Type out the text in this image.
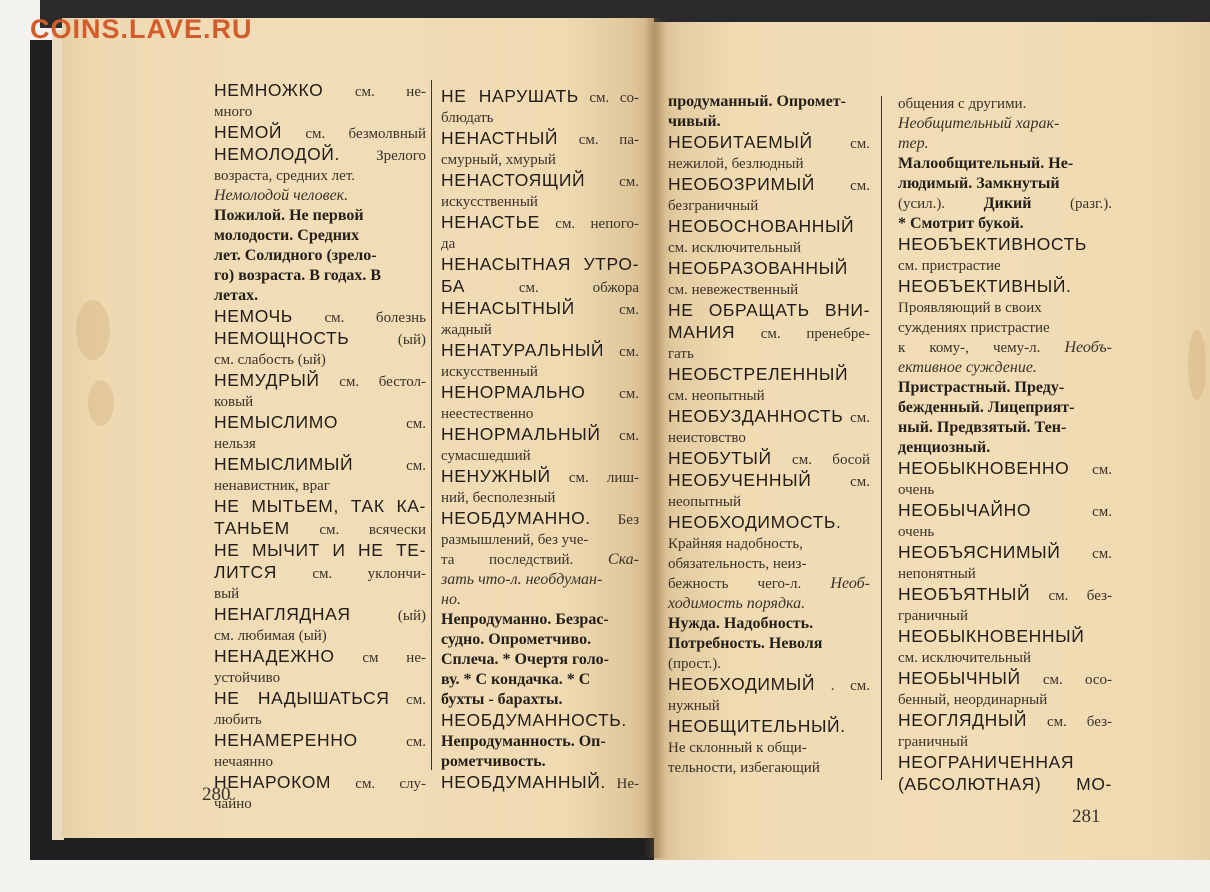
COINS.LAVE.RU
НЕМНОЖКО см. не-
много
НЕМОЙ см. безмолвный
НЕМОЛОДОЙ. Зрелого
возраста, средних лет.
Немолодой человек.
Пожилой. Не первой
молодости. Средних
лет. Солидного (зрело-
го) возраста. В годах. В
летах.
НЕМОЧЬ см. болезнь
НЕМОЩНОСТЬ (ый)
см. слабость (ый)
НЕМУДРЫЙ см. бестол-
ковый
НЕМЫСЛИМО см.
нельзя
НЕМЫСЛИМЫЙ см.
ненавистник, враг
НЕ МЫТЬЕМ, ТАК КА-
ТАНЬЕМ см. всячески
НЕ МЫЧИТ И НЕ ТЕ-
ЛИТСЯ см. уклончи-
вый
НЕНАГЛЯДНАЯ (ый)
см. любимая (ый)
НЕНАДЕЖНО см не-
устойчиво
НЕ НАДЫШАТЬСЯ см.
любить
НЕНАМЕРЕННО см.
нечаянно
НЕНАРОКОМ см. слу-
чайно
НЕ НАРУШАТЬ см. со-
блюдать
НЕНАСТНЫЙ см. па-
смурный, хмурый
НЕНАСТОЯЩИЙ см.
искусственный
НЕНАСТЬЕ см. непого-
да
НЕНАСЫТНАЯ УТРО-
БА см. обжора
НЕНАСЫТНЫЙ см.
жадный
НЕНАТУРАЛЬНЫЙ см.
искусственный
НЕНОРМАЛЬНО см.
неестественно
НЕНОРМАЛЬНЫЙ см.
сумасшедший
НЕНУЖНЫЙ см. лиш-
ний, бесполезный
НЕОБДУМАННО. Без
размышлений, без уче-
та последствий. Ска-
зать что-л. необдуман-
но.
Непродуманно. Безрас-
судно. Опрометчиво.
Сплеча. * Очертя голо-
ву. * С кондачка. * С
бухты - барахты.
НЕОБДУМАННОСТЬ.
Непродуманность. Оп-
рометчивость.
НЕОБДУМАННЫЙ. Не-
280
продуманный. Опромет-
чивый.
НЕОБИТАЕМЫЙ см.
нежилой, безлюдный
НЕОБОЗРИМЫЙ см.
безграничный
НЕОБОСНОВАННЫЙ
см. исключительный
НЕОБРАЗОВАННЫЙ
см. невежественный
НЕ ОБРАЩАТЬ ВНИ-
МАНИЯ см. пренебре-
гать
НЕОБСТРЕЛЕННЫЙ
см. неопытный
НЕОБУЗДАННОСТЬ см.
неистовство
НЕОБУТЫЙ см. босой
НЕОБУЧЕННЫЙ см.
неопытный
НЕОБХОДИМОСТЬ.
Крайняя надобность,
обязательность, неиз-
бежность чего-л. Необ-
ходимость порядка.
Нужда. Надобность.
Потребность. Неволя
(прост.).
НЕОБХОДИМЫЙ . см.
нужный
НЕОБЩИТЕЛЬНЫЙ.
Не склонный к общи-
тельности, избегающий
общения с другими.
Необщительный харак-
тер.
Малообщительный. Не-
людимый. Замкнутый
(усил.). Дикий (разг.).
* Смотрит букой.
НЕОБЪЕКТИВНОСТЬ
см. пристрастие
НЕОБЪЕКТИВНЫЙ.
Проявляющий в своих
суждениях пристрастие
к кому-, чему-л. Необъ-
ективное суждение.
Пристрастный. Преду-
бежденный. Лицеприят-
ный. Предвзятый. Тен-
денциозный.
НЕОБЫКНОВЕННО см.
очень
НЕОБЫЧАЙНО см.
очень
НЕОБЪЯСНИМЫЙ см.
непонятный
НЕОБЪЯТНЫЙ см. без-
граничный
НЕОБЫКНОВЕННЫЙ
см. исключительный
НЕОБЫЧНЫЙ см. осо-
бенный, неординарный
НЕОГЛЯДНЫЙ см. без-
граничный
НЕОГРАНИЧЕННАЯ
(АБСОЛЮТНАЯ) МО-
281
